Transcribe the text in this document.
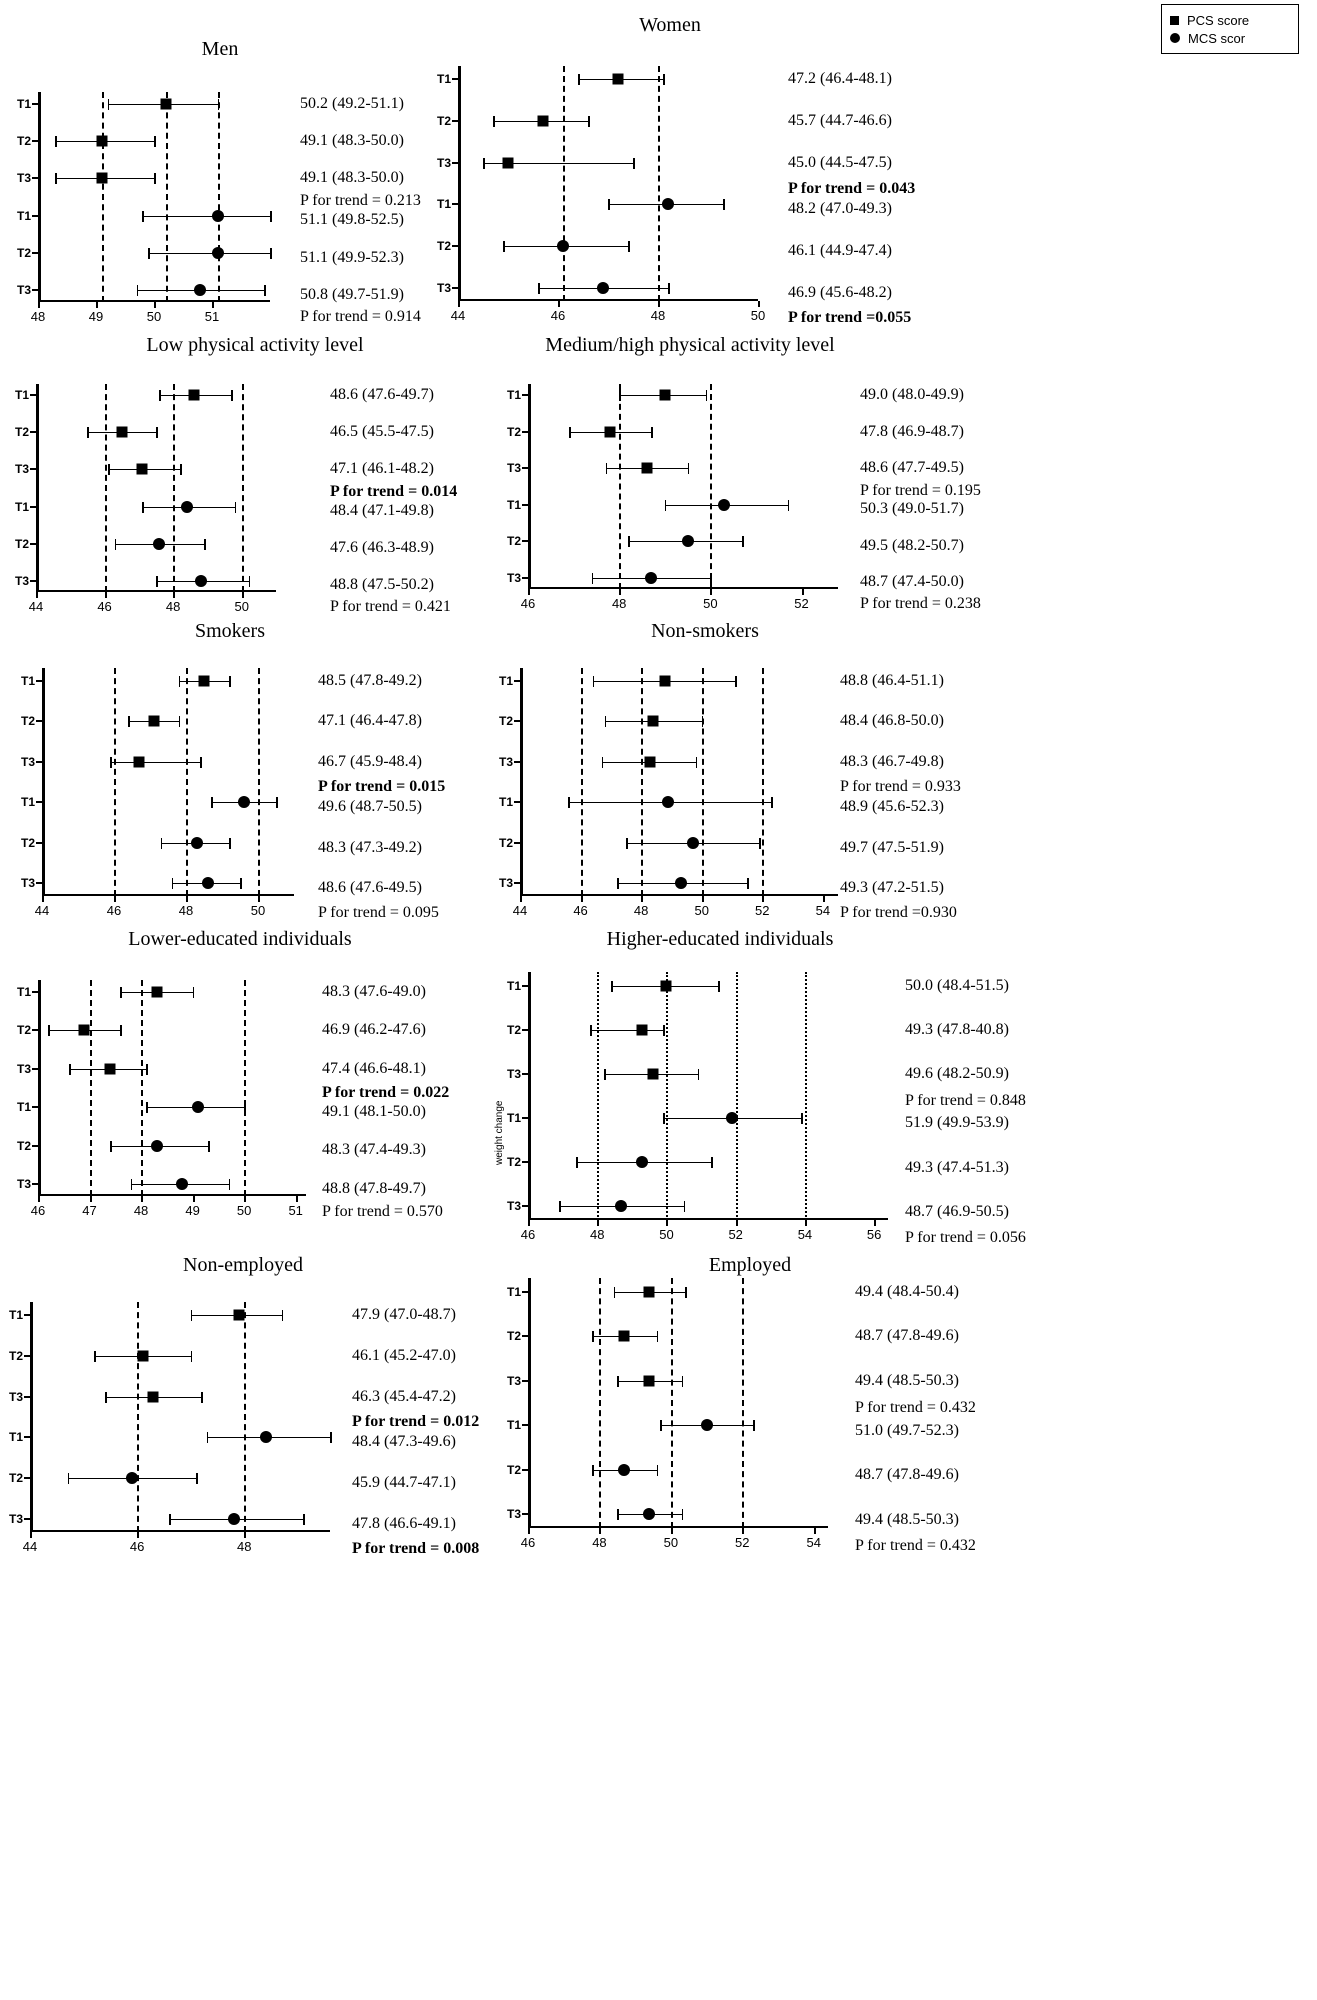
PCS score
MCS scor
Men
48	49	50	51
T1
T2
T3
T1
T2
T3
50.2 (49.2-51.1)
49.1 (48.3-50.0)
49.1 (48.3-50.0)
P for trend = 0.213
51.1 (49.8-52.5)
51.1 (49.9-52.3)
50.8 (49.7-51.9)
P for trend = 0.914
Women
44	46	48	50
T1
T2
T3
T1
T2
T3
47.2 (46.4-48.1)
45.7 (44.7-46.6)
45.0 (44.5-47.5)
P for trend = 0.043
48.2 (47.0-49.3)
46.1 (44.9-47.4)
46.9 (45.6-48.2)
P for trend =0.055
Low physical activity level
44	46	48	50
T1
T2
T3
T1
T2
T3
48.6 (47.6-49.7)
46.5 (45.5-47.5)
47.1 (46.1-48.2)
P for trend = 0.014
48.4 (47.1-49.8)
47.6 (46.3-48.9)
48.8 (47.5-50.2)
P for trend = 0.421
Medium/high physical activity level
46	48	50	52
T1
T2
T3
T1
T2
T3
49.0 (48.0-49.9)
47.8 (46.9-48.7)
48.6 (47.7-49.5)
P for trend = 0.195
50.3 (49.0-51.7)
49.5 (48.2-50.7)
48.7 (47.4-50.0)
P for trend = 0.238
Smokers
44	46	48	50
T1
T2
T3
T1
T2
T3
48.5 (47.8-49.2)
47.1 (46.4-47.8)
46.7 (45.9-48.4)
P for trend = 0.015
49.6 (48.7-50.5)
48.3 (47.3-49.2)
48.6 (47.6-49.5)
P for trend = 0.095
Non-smokers
44	46	48	50	52	54
T1
T2
T3
T1
T2
T3
48.8 (46.4-51.1)
48.4 (46.8-50.0)
48.3 (46.7-49.8)
P for trend = 0.933
48.9 (45.6-52.3)
49.7 (47.5-51.9)
49.3 (47.2-51.5)
P for trend =0.930
Lower-educated individuals
46	47	48	49	50	51
T1
T2
T3
T1
T2
T3
48.3 (47.6-49.0)
46.9 (46.2-47.6)
47.4 (46.6-48.1)
P for trend = 0.022
49.1 (48.1-50.0)
48.3 (47.4-49.3)
48.8 (47.8-49.7)
P for trend = 0.570
Higher-educated individuals
46	48	50	52	54	56
T1
T2
T3
T1
T2
T3
weight change
50.0 (48.4-51.5)
49.3 (47.8-40.8)
49.6 (48.2-50.9)
P for trend = 0.848
51.9 (49.9-53.9)
49.3 (47.4-51.3)
48.7 (46.9-50.5)
P for trend = 0.056
Non-employed
44	46	48
T1
T2
T3
T1
T2
T3
47.9 (47.0-48.7)
46.1 (45.2-47.0)
46.3 (45.4-47.2)
P for trend = 0.012
48.4 (47.3-49.6)
45.9 (44.7-47.1)
47.8 (46.6-49.1)
P for trend = 0.008
Employed
46	48	50	52	54
T1
T2
T3
T1
T2
T3
49.4 (48.4-50.4)
48.7 (47.8-49.6)
49.4 (48.5-50.3)
P for trend = 0.432
51.0 (49.7-52.3)
48.7 (47.8-49.6)
49.4 (48.5-50.3)
P for trend = 0.432
